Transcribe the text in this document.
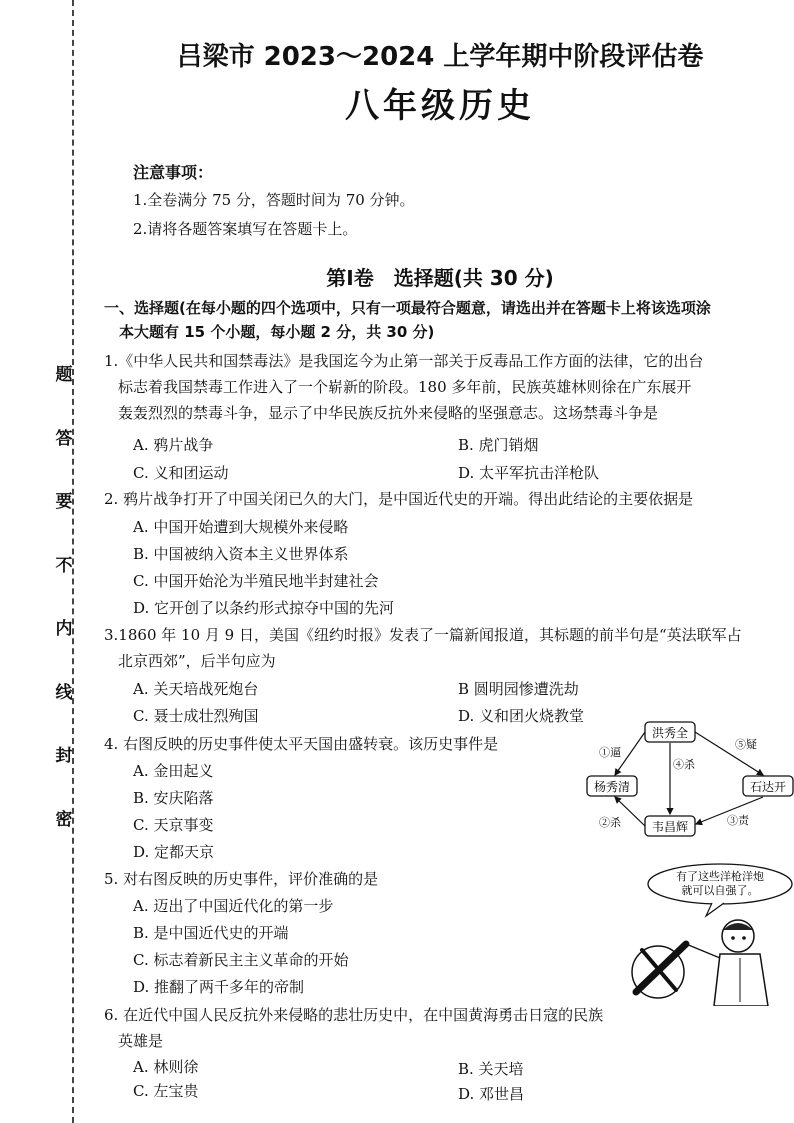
题
答
要
不
内
线
封
密
吕梁市 2023～2024 上学年期中阶段评估卷
八年级历史
注意事项：
1.全卷满分 75 分，答题时间为 70 分钟。
2.请将各题答案填写在答题卡上。
第Ⅰ卷　选择题(共 30 分)
一、选择题(在每小题的四个选项中，只有一项最符合题意，请选出并在答题卡上将该选项涂
本大题有 15 个小题，每小题 2 分，共 30 分)
1.《中华人民共和国禁毒法》是我国迄今为止第一部关于反毒品工作方面的法律，它的出台
标志着我国禁毒工作进入了一个崭新的阶段。180 多年前，民族英雄林则徐在广东展开
轰轰烈烈的禁毒斗争，显示了中华民族反抗外来侵略的坚强意志。这场禁毒斗争是
A. 鸦片战争	B. 虎门销烟
C. 义和团运动	D. 太平军抗击洋枪队
2. 鸦片战争打开了中国关闭已久的大门，是中国近代史的开端。得出此结论的主要依据是
A. 中国开始遭到大规模外来侵略
B. 中国被纳入资本主义世界体系
C. 中国开始沦为半殖民地半封建社会
D. 它开创了以条约形式掠夺中国的先河
3.1860 年 10 月 9 日，美国《纽约时报》发表了一篇新闻报道，其标题的前半句是“英法联军占
北京西郊”，后半句应为
A. 关天培战死炮台	B 圆明园惨遭洗劫
C. 聂士成壮烈殉国	D. 义和团火烧教堂
4. 右图反映的历史事件使太平天国由盛转衰。该历史事件是
A. 金田起义
B. 安庆陷落
C. 天京事变
D. 定都天京
洪秀全
杨秀清	石达开
韦昌辉
①逼
④杀
⑤疑
②杀	③责
5. 对右图反映的历史事件，评价准确的是
A. 迈出了中国近代化的第一步
B. 是中国近代史的开端
C. 标志着新民主主义革命的开始
D. 推翻了两千多年的帝制
有了这些洋枪洋炮
就可以自强了。
6. 在近代中国人民反抗外来侵略的悲壮历史中，在中国黄海勇击日寇的民族
英雄是
A. 林则徐	B. 关天培
C. 左宝贵	D. 邓世昌
